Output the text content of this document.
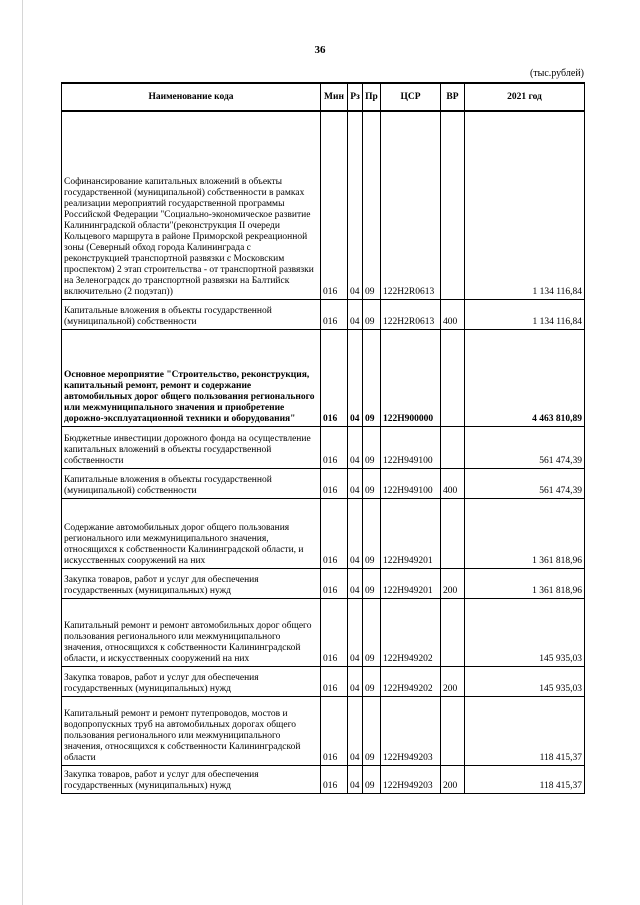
36
(тыс.рублей)
Наименование кода	Мин	Рз	Пр	ЦСР	ВР	2021 год
Софинансирование капитальных вложений в объекты государственной (муниципальной) собственности в рамках реализации мероприятий государственной программы Российской Федерации "Социально-экономическое развитие Калининградской области"(реконструкция II очереди Кольцевого маршрута в районе Приморской рекреационной зоны (Северный обход города Калининграда с реконструкцией транспортной развязки с Московским проспектом) 2 этап строительства - от транспортной развязки на Зеленоградск до транспортной развязки на Балтийск включительно (2 подэтап))	016	04	09	122H2R0613		1 134 116,84
Капитальные вложения в объекты государственной (муниципальной) собственности	016	04	09	122H2R0613	400	1 134 116,84
Основное мероприятие "Строительство, реконструкция, капитальный ремонт, ремонт и содержание автомобильных дорог общего пользования регионального или межмуниципального значения и приобретение дорожно-эксплуатационной техники и оборудования"	016	04	09	122H900000		4 463 810,89
Бюджетные инвестиции дорожного фонда на осуществление капитальных вложений в объекты государственной собственности	016	04	09	122H949100		561 474,39
Капитальные вложения в объекты государственной (муниципальной) собственности	016	04	09	122H949100	400	561 474,39
Содержание автомобильных дорог общего пользования регионального или межмуниципального значения, относящихся к собственности Калининградской области, и искусственных сооружений на них	016	04	09	122H949201		1 361 818,96
Закупка товаров, работ и услуг для обеспечения государственных (муниципальных) нужд	016	04	09	122H949201	200	1 361 818,96
Капитальный ремонт и ремонт автомобильных дорог общего пользования регионального или межмуниципального значения, относящихся к собственности Калининградской области, и искусственных сооружений на них	016	04	09	122H949202		145 935,03
Закупка товаров, работ и услуг для обеспечения государственных (муниципальных) нужд	016	04	09	122H949202	200	145 935,03
Капитальный ремонт и ремонт путепроводов, мостов и водопропускных труб на автомобильных дорогах общего пользования регионального или межмуниципального значения, относящихся к собственности Калининградской области	016	04	09	122H949203		118 415,37
Закупка товаров, работ и услуг для обеспечения государственных (муниципальных) нужд	016	04	09	122H949203	200	118 415,37
